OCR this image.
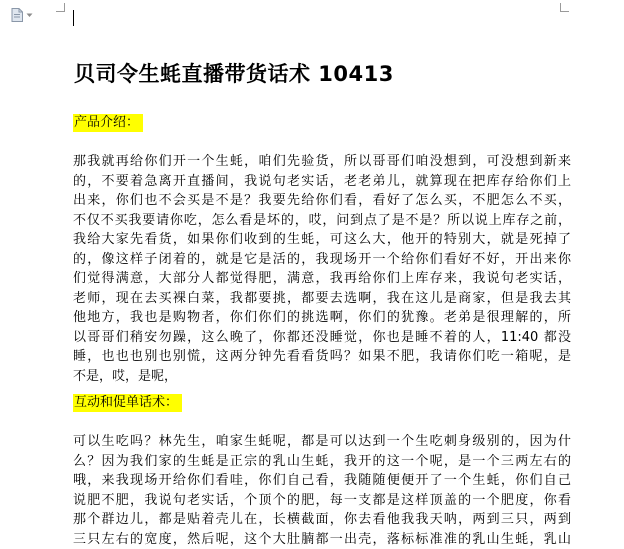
贝司令生蚝直播带货话术 10413
产品介绍：

那我就再给你们开一个生蚝，咱们先验货，所以哥哥们咱没想到，可没想到新来
的，不要着急离开直播间，我说句老实话，老老弟儿，就算现在把库存给你们上
出来，你们也不会买是不是？我要先给你们看，看好了怎么买，不肥怎么不买，
不仅不买我要请你吃，怎么看是坏的，哎，问到点了是不是？所以说上库存之前，
我给大家先看货，如果你们收到的生蚝，可这么大，他开的特别大，就是死掉了
的，像这样子闭着的，就是它是活的，我现场开一个给你们看好不好，开出来你
们觉得满意，大部分人都觉得肥，满意，我再给你们上库存来，我说句老实话，
老师，现在去买裸白菜，我都要挑，都要去选啊，我在这儿是商家，但是我去其
他地方，我也是购物者，你们你们的挑选啊，你们的犹豫。老弟是很理解的，所
以哥哥们稍安勿躁，这么晚了，你都还没睡觉，你也是睡不着的人，11:40 都没
睡，也也也别也别慌，这两分钟先看看货吗？如果不肥，我请你们吃一箱呢，是
不是，哎，是呢，

互动和促单话术：

可以生吃吗？林先生，咱家生蚝呢，都是可以达到一个生吃刺身级别的，因为什
么？因为我们家的生蚝是正宗的乳山生蚝，我开的这一个呢，是一个三两左右的
哦，来我现场开给你们看哇，你们自己看，我随随便便开了一个生蚝，你们自己
说肥不肥，我说句老实话，个顶个的肥，每一支都是这样顶盖的一个肥度，你看
那个群边儿，都是贴着壳儿在，长横截面，你去看他我我天呐，两到三只，两到
三只左右的宽度，然后呢，这个大肚腩都一出壳，落标标准准的乳山生蚝，乳山
